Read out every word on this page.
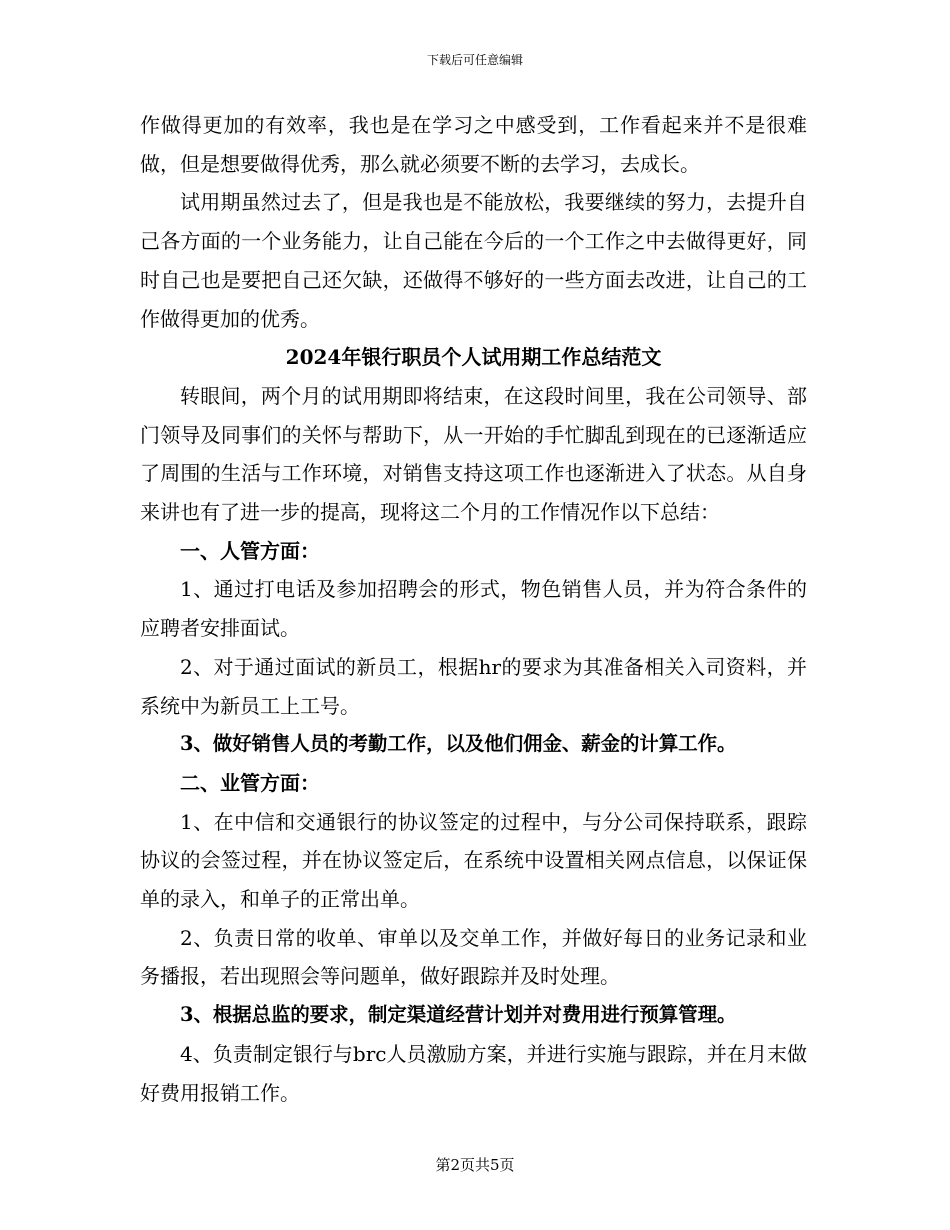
下载后可任意编辑

作做得更加的有效率，我也是在学习之中感受到，工作看起来并不是很难做，但是想要做得优秀，那么就必须要不断的去学习，去成长。

试用期虽然过去了，但是我也是不能放松，我要继续的努力，去提升自己各方面的一个业务能力，让自己能在今后的一个工作之中去做得更好，同时自己也是要把自己还欠缺，还做得不够好的一些方面去改进，让自己的工作做得更加的优秀。

2024年银行职员个人试用期工作总结范文

转眼间，两个月的试用期即将结束，在这段时间里，我在公司领导、部门领导及同事们的关怀与帮助下，从一开始的手忙脚乱到现在的已逐渐适应了周围的生活与工作环境，对销售支持这项工作也逐渐进入了状态。从自身来讲也有了进一步的提高，现将这二个月的工作情况作以下总结：

一、人管方面：

1、通过打电话及参加招聘会的形式，物色销售人员，并为符合条件的应聘者安排面试。

2、对于通过面试的新员工，根据hr的要求为其准备相关入司资料，并系统中为新员工上工号。

3、做好销售人员的考勤工作，以及他们佣金、薪金的计算工作。

二、业管方面：

1、在中信和交通银行的协议签定的过程中，与分公司保持联系，跟踪协议的会签过程，并在协议签定后，在系统中设置相关网点信息，以保证保单的录入，和单子的正常出单。

2、负责日常的收单、审单以及交单工作，并做好每日的业务记录和业务播报，若出现照会等问题单，做好跟踪并及时处理。

3、根据总监的要求，制定渠道经营计划并对费用进行预算管理。

4、负责制定银行与brc人员激励方案，并进行实施与跟踪，并在月末做好费用报销工作。

第2页共5页
